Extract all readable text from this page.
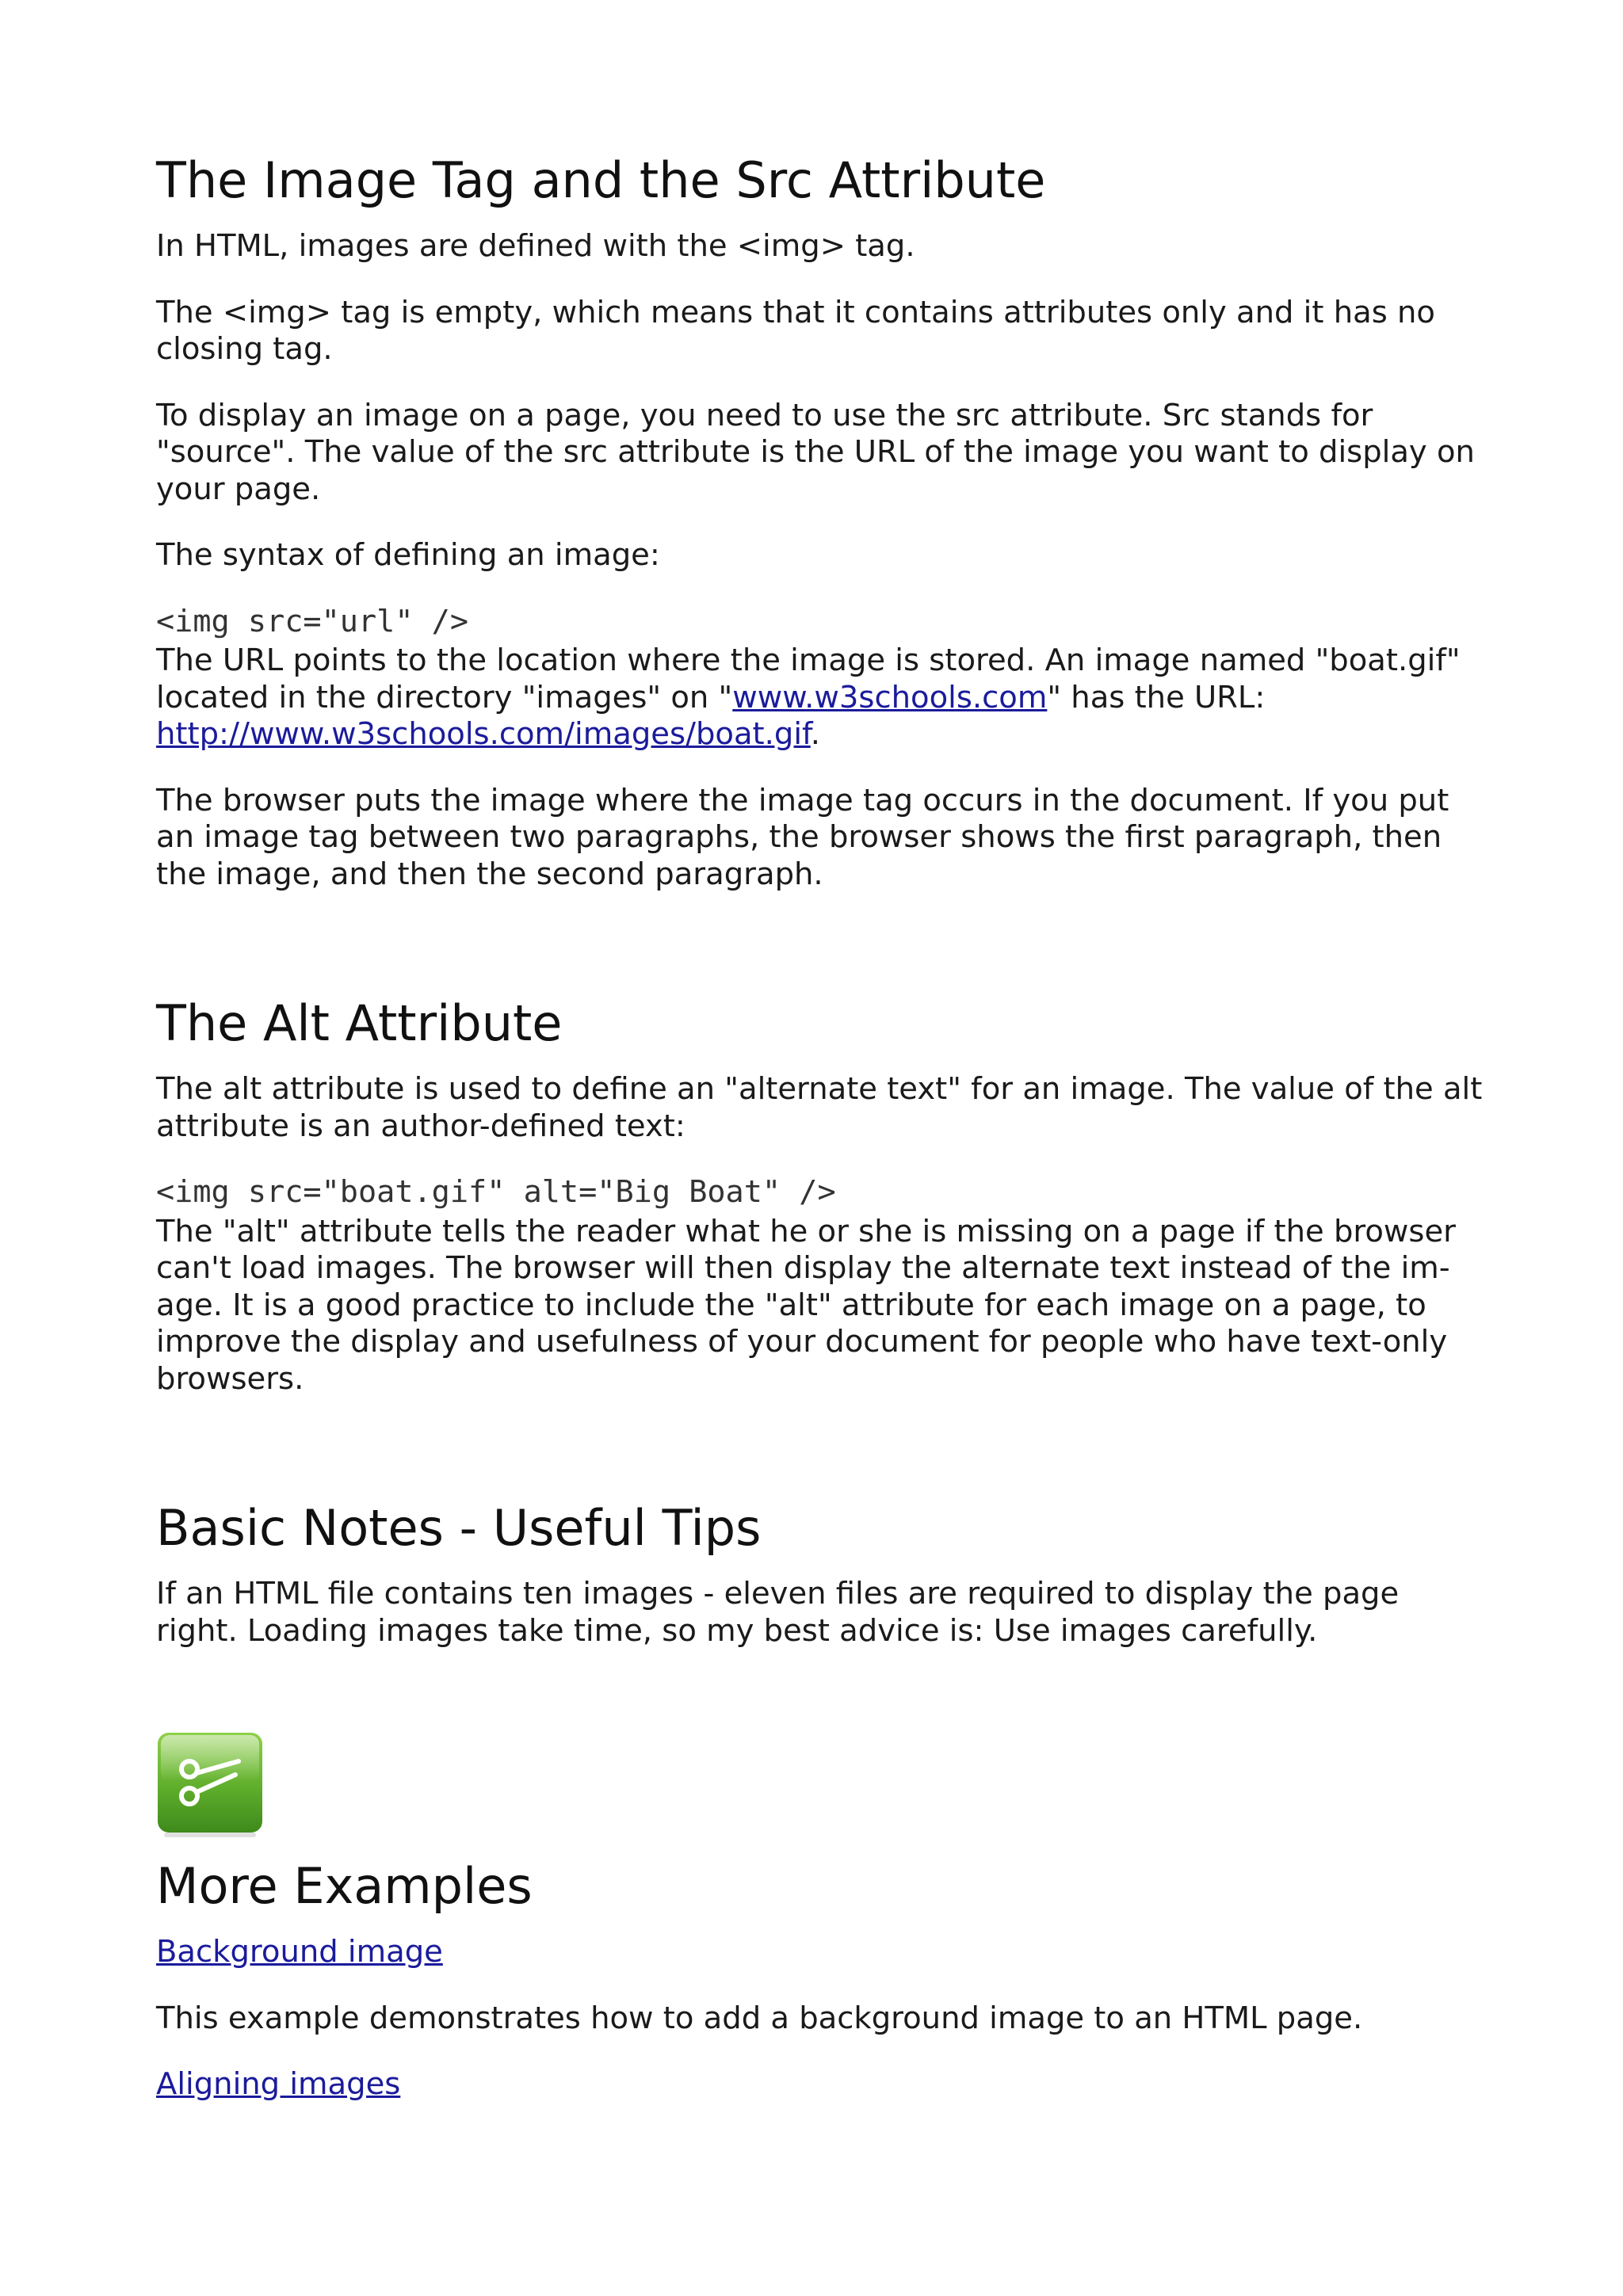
The Image Tag and the Src Attribute

In HTML, images are defined with the <img> tag.

The <img> tag is empty, which means that it contains attributes only and it has no closing tag.

To display an image on a page, you need to use the src attribute. Src stands for "source". The value of the src attribute is the URL of the image you want to display on your page.

The syntax of defining an image:

<img src="url" />

The URL points to the location where the image is stored. An image named "boat.gif" located in the directory "images" on "www.w3schools.com" has the URL:
http://www.w3schools.com/images/boat.gif.

The browser puts the image where the image tag occurs in the document. If you put an image tag between two paragraphs, the browser shows the first paragraph, then the image, and then the second paragraph.

The Alt Attribute

The alt attribute is used to define an "alternate text" for an image. The value of the alt attribute is an author-defined text:

<img src="boat.gif" alt="Big Boat" />

The "alt" attribute tells the reader what he or she is missing on a page if the browser
can't load images. The browser will then display the alternate text instead of the im-
age. It is a good practice to include the "alt" attribute for each image on a page, to
improve the display and usefulness of your document for people who have text-only
browsers.

Basic Notes - Useful Tips

If an HTML file contains ten images - eleven files are required to display the page right. Loading images take time, so my best advice is: Use images carefully.

More Examples

Background image

This example demonstrates how to add a background image to an HTML page.

Aligning images
